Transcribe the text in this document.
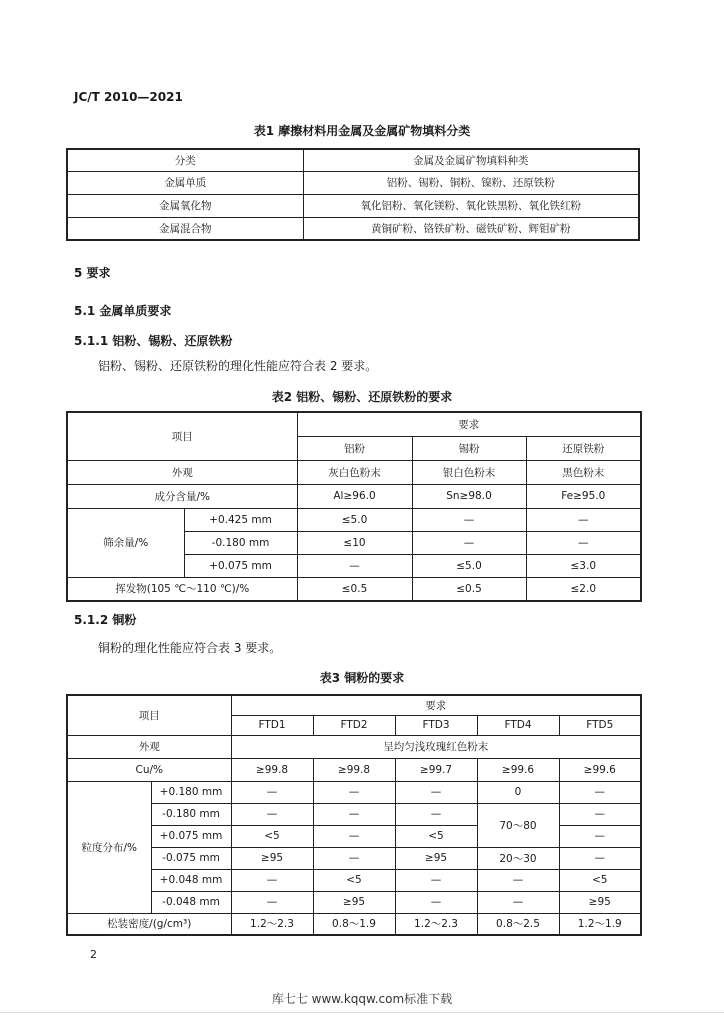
JC/T 2010—2021
表1 摩擦材料用金属及金属矿物填料分类
分类	金属及金属矿物填料种类
金属单质	铝粉、锡粉、铜粉、镍粉、还原铁粉
金属氧化物	氧化铝粉、氧化镁粉、氧化铁黑粉、氧化铁红粉
金属混合物	黄铜矿粉、铬铁矿粉、磁铁矿粉、辉钼矿粉
5 要求
5.1 金属单质要求
5.1.1 铝粉、锡粉、还原铁粉
铝粉、锡粉、还原铁粉的理化性能应符合表 2 要求。
表2 铝粉、锡粉、还原铁粉的要求
项目		要求		
		铝粉	锡粉	还原铁粉
外观		灰白色粉末	银白色粉末	黑色粉末
成分含量/%		Al≥96.0	Sn≥98.0	Fe≥95.0
筛余量/%	+0.425 mm	≤5.0	—	—
	-0.180 mm	≤10	—	—
	+0.075 mm	—	≤5.0	≤3.0
挥发物(105 ℃～110 ℃)/%		≤0.5	≤0.5	≤2.0
5.1.2 铜粉
铜粉的理化性能应符合表 3 要求。
表3 铜粉的要求
项目		要求				
		FTD1	FTD2	FTD3	FTD4	FTD5
外观		呈均匀浅玫瑰红色粉末				
Cu/%		≥99.8	≥99.8	≥99.7	≥99.6	≥99.6
粒度分布/%	+0.180 mm	—	—	—	0	—
	-0.180 mm	—	—	—	70～80	—
	+0.075 mm	<5	—	<5		—
	-0.075 mm	≥95	—	≥95	20～30	—
	+0.048 mm	—	<5	—	—	<5
	-0.048 mm	—	≥95	—	—	≥95
松装密度/(g/cm³)		1.2～2.3	0.8～1.9	1.2～2.3	0.8～2.5	1.2～1.9
2
库七七 www.kqqw.com标准下载
